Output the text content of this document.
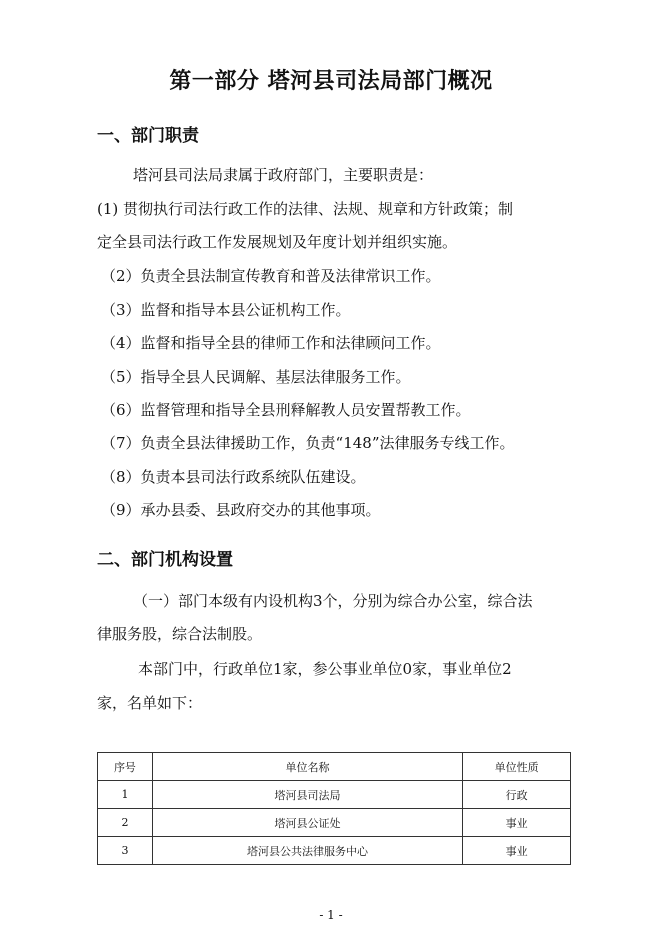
第一部分 塔河县司法局部门概况
一、部门职责
塔河县司法局隶属于政府部门，主要职责是：
(1) 贯彻执行司法行政工作的法律、法规、规章和方针政策；制
定全县司法行政工作发展规划及年度计划并组织实施。
（2）负责全县法制宣传教育和普及法律常识工作。
（3）监督和指导本县公证机构工作。
（4）监督和指导全县的律师工作和法律顾问工作。
（5）指导全县人民调解、基层法律服务工作。
（6）监督管理和指导全县刑释解教人员安置帮教工作。
（7）负责全县法律援助工作，负责“148”法律服务专线工作。
（8）负责本县司法行政系统队伍建设。
（9）承办县委、县政府交办的其他事项。
二、部门机构设置
（一）部门本级有内设机构3个，分别为综合办公室，综合法
律服务股，综合法制股。
本部门中，行政单位1家，参公事业单位0家，事业单位2
家，名单如下：
序号	单位名称	单位性质
1	塔河县司法局	行政
2	塔河县公证处	事业
3	塔河县公共法律服务中心	事业
- 1 -
